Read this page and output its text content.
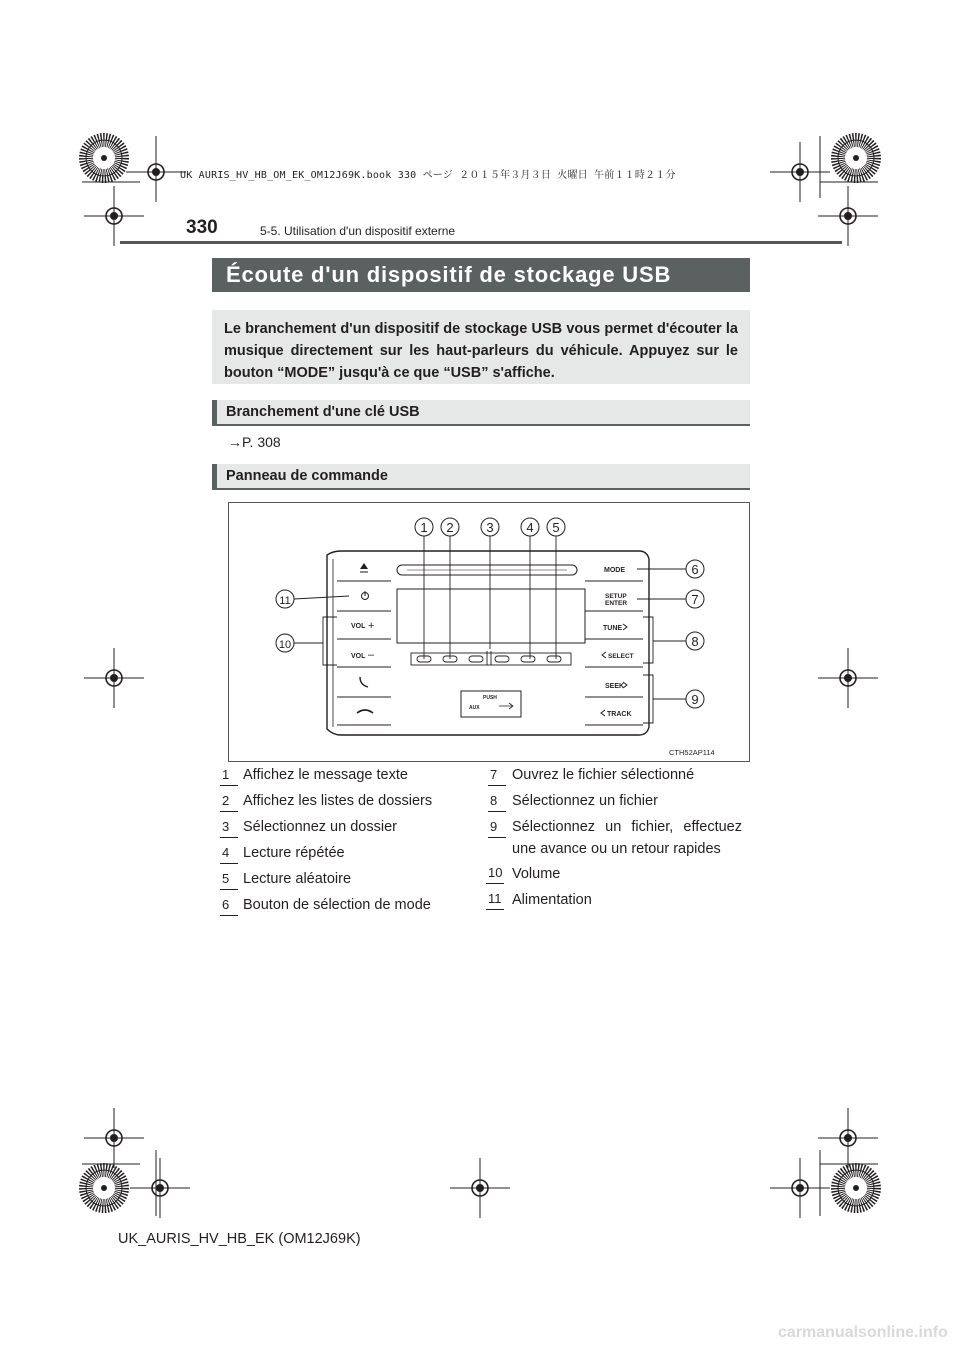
UK AURIS_HV_HB_OM_EK_OM12J69K.book 330 ページ ２０１５年３月３日 火曜日 午前１１時２１分
330	5-5. Utilisation d'un dispositif externe
Écoute d'un dispositif de stockage USB
Le branchement d'un dispositif de stockage USB vous permet d'écouter la musique directement sur les haut-parleurs du véhicule. Appuyez sur le bouton “MODE” jusqu'à ce que “USB” s'affiche.
Branchement d'une clé USB
→P. 308
Panneau de commande
VOL +
VOL –
MODE
SETUP
ENTER
TUNE
SELECT
SEEK
TRACK
PUSH
AUX
1 2	3	4 5
6
7
8
9
10
11
CTH52AP114
1 Affichez le message texte
2 Affichez les listes de dossiers
3 Sélectionnez un dossier
4 Lecture répétée
5 Lecture aléatoire
6 Bouton de sélection de mode
7 Ouvrez le fichier sélectionné
8 Sélectionnez un fichier
9 Sélectionnez un fichier, effectuez
une avance ou un retour rapides
10 Volume
11 Alimentation
UK_AURIS_HV_HB_EK (OM12J69K)
carmanualsonline.info
